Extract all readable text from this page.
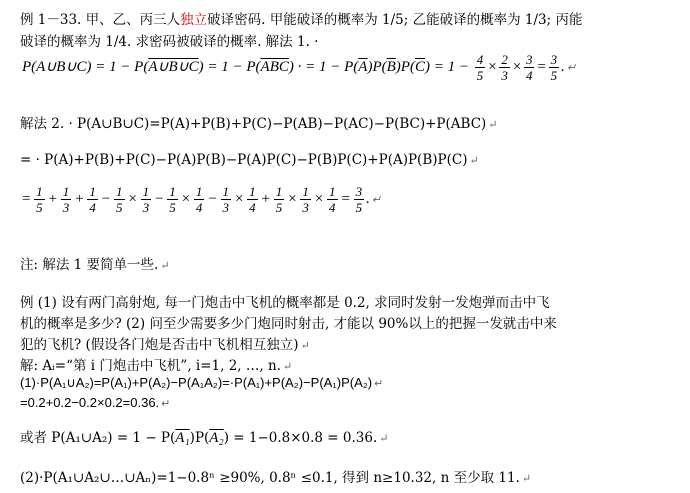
例 1－33. 甲、乙、丙三人独立破译密码. 甲能破译的概率为 1/5; 乙能破译的概率为 1/3; 丙能
破译的概率为 1/4. 求密码被破译的概率. 解法 1. ·
P(A∪B∪C) = 1 − P(A∪B∪C) = $1 - P(\overline{ABC})$ · = $1 - P(\overline{A})P(\overline{B})P(\overline{C}) = 1 - \frac{4}{5} \times \frac{2}{3} \times \frac{3}{4} = \frac{3}{5}$ . ↵
解法 2. · P(A∪B∪C)=P(A)+P(B)+P(C)−P(AB)−P(AC)−P(BC)+P(ABC) ↵
= · P(A)+P(B)+P(C)−P(A)P(B)−P(A)P(C)−P(B)P(C)+P(A)P(B)P(C) ↵
= $\frac{1}{5} + \frac{1}{3} + \frac{1}{4} - \frac{1}{5} \times \frac{1}{3} - \frac{1}{5} \times \frac{1}{4} - \frac{1}{3} \times \frac{1}{4} + \frac{1}{5} \times \frac{1}{3} \times \frac{1}{4} = \frac{3}{5}$ . ↵
注: 解法 1 要简单一些. ↵
例 (1) 设有两门高射炮, 每一门炮击中飞机的概率都是 0.2, 求同时发射一发炮弹而击中飞
机的概率是多少? (2) 问至少需要多少门炮同时射击, 才能以 90%以上的把握一发就击中来
犯的飞机? (假设各门炮是否击中飞机相互独立) ↵
解: Aᵢ=“第 i 门炮击中飞机”, i=1, 2, …, n. ↵
(1)·P(A₁∪A₂)=P(A₁)+P(A₂)−P(A₁A₂)=·P(A₁)+P(A₂)−P(A₁)P(A₂) ↵
=0.2+0.2−0.2×0.2=0.36. ↵
或者 P(A₁∪A₂) = 1 − P(A₁)P(A₂) = 1−0.8×0.8 = 0.36. ↵
(2)·P(A₁∪A₂∪…∪Aₙ)=1−0.8ⁿ ≥90%, 0.8ⁿ ≤0.1, 得到 n≥10.32, n 至少取 11. ↵
